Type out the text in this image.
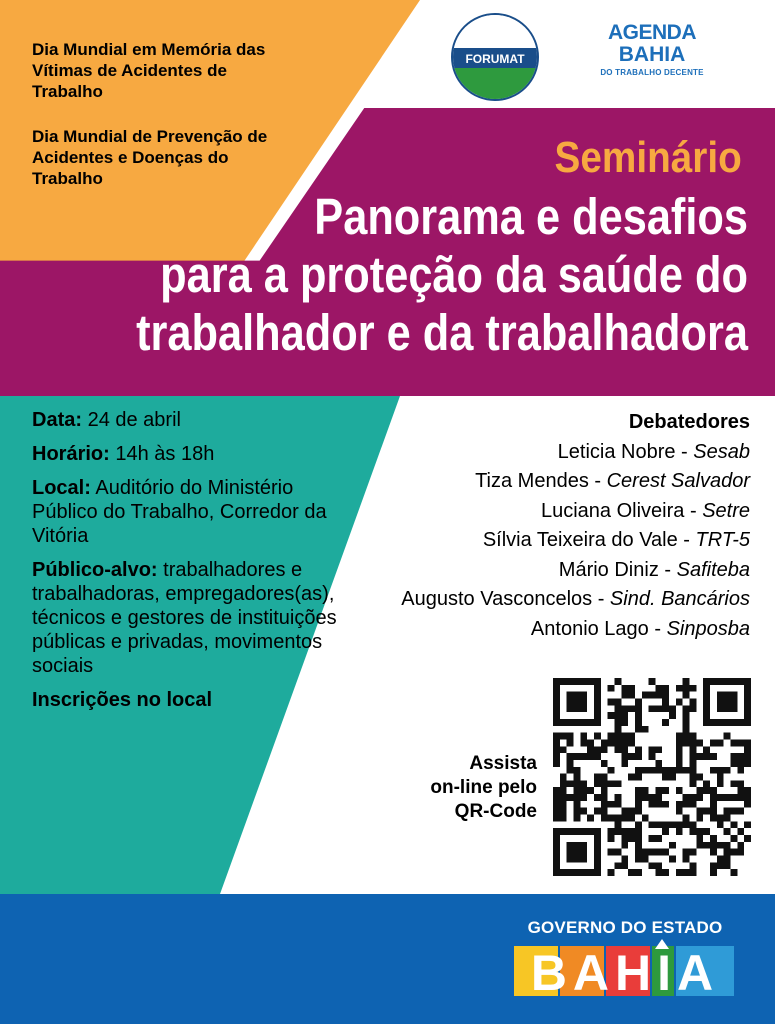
Dia Mundial em Memória das Vítimas de Acidentes de Trabalho
Dia Mundial de Prevenção de Acidentes e Doenças do Trabalho
FORUMAT
AGENDA
BAHIA
DO TRABALHO DECENTE
Seminário
Panorama e desafios
para a proteção da saúde do
trabalhador e da trabalhadora
Data: 24 de abril
Horário: 14h às 18h
Local: Auditório do Ministério Público do Trabalho, Corredor da Vitória
Público-alvo: trabalhadores e trabalhadoras, empregadores(as), técnicos e gestores de instituições públicas e privadas, movimentos sociais
Inscrições no local
Debatedores
Leticia Nobre - Sesab
Tiza Mendes - Cerest Salvador
Luciana Oliveira - Setre
Sílvia Teixeira do Vale - TRT-5
Mário Diniz - Safiteba
Augusto Vasconcelos - Sind. Bancários
Antonio Lago - Sinposba
Assista
on-line pelo
QR-Code
GOVERNO DO ESTADO
BAHIA
